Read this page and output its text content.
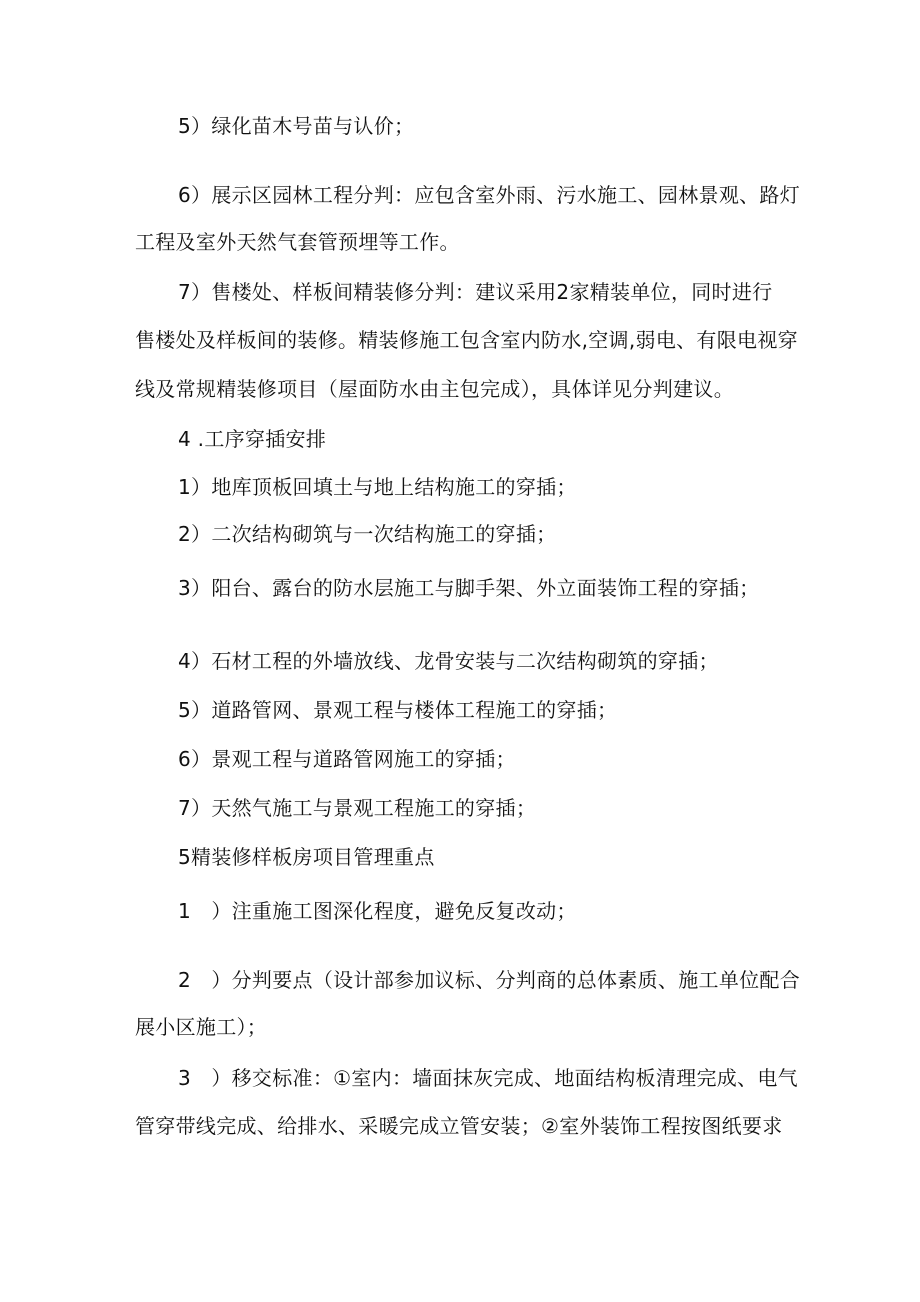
5）绿化苗木号苗与认价；

6）展示区园林工程分判：应包含室外雨、污水施工、园林景观、路灯

工程及室外天然气套管预埋等工作。

7）售楼处、样板间精装修分判：建议采用2家精装单位，同时进行

售楼处及样板间的装修。精装修施工包含室内防水,空调,弱电、有限电视穿

线及常规精装修项目（屋面防水由主包完成），具体详见分判建议。

4 .工序穿插安排

1）地库顶板回填土与地上结构施工的穿插；

2）二次结构砌筑与一次结构施工的穿插；

3）阳台、露台的防水层施工与脚手架、外立面装饰工程的穿插；

4）石材工程的外墙放线、龙骨安装与二次结构砌筑的穿插；

5）道路管网、景观工程与楼体工程施工的穿插；

6）景观工程与道路管网施工的穿插；

7）天然气施工与景观工程施工的穿插；

5精装修样板房项目管理重点

1　）注重施工图深化程度，避免反复改动；

2　）分判要点（设计部参加议标、分判商的总体素质、施工单位配合

展小区施工）；

3　）移交标准：①室内：墙面抹灰完成、地面结构板清理完成、电气

管穿带线完成、给排水、采暖完成立管安装；②室外装饰工程按图纸要求
